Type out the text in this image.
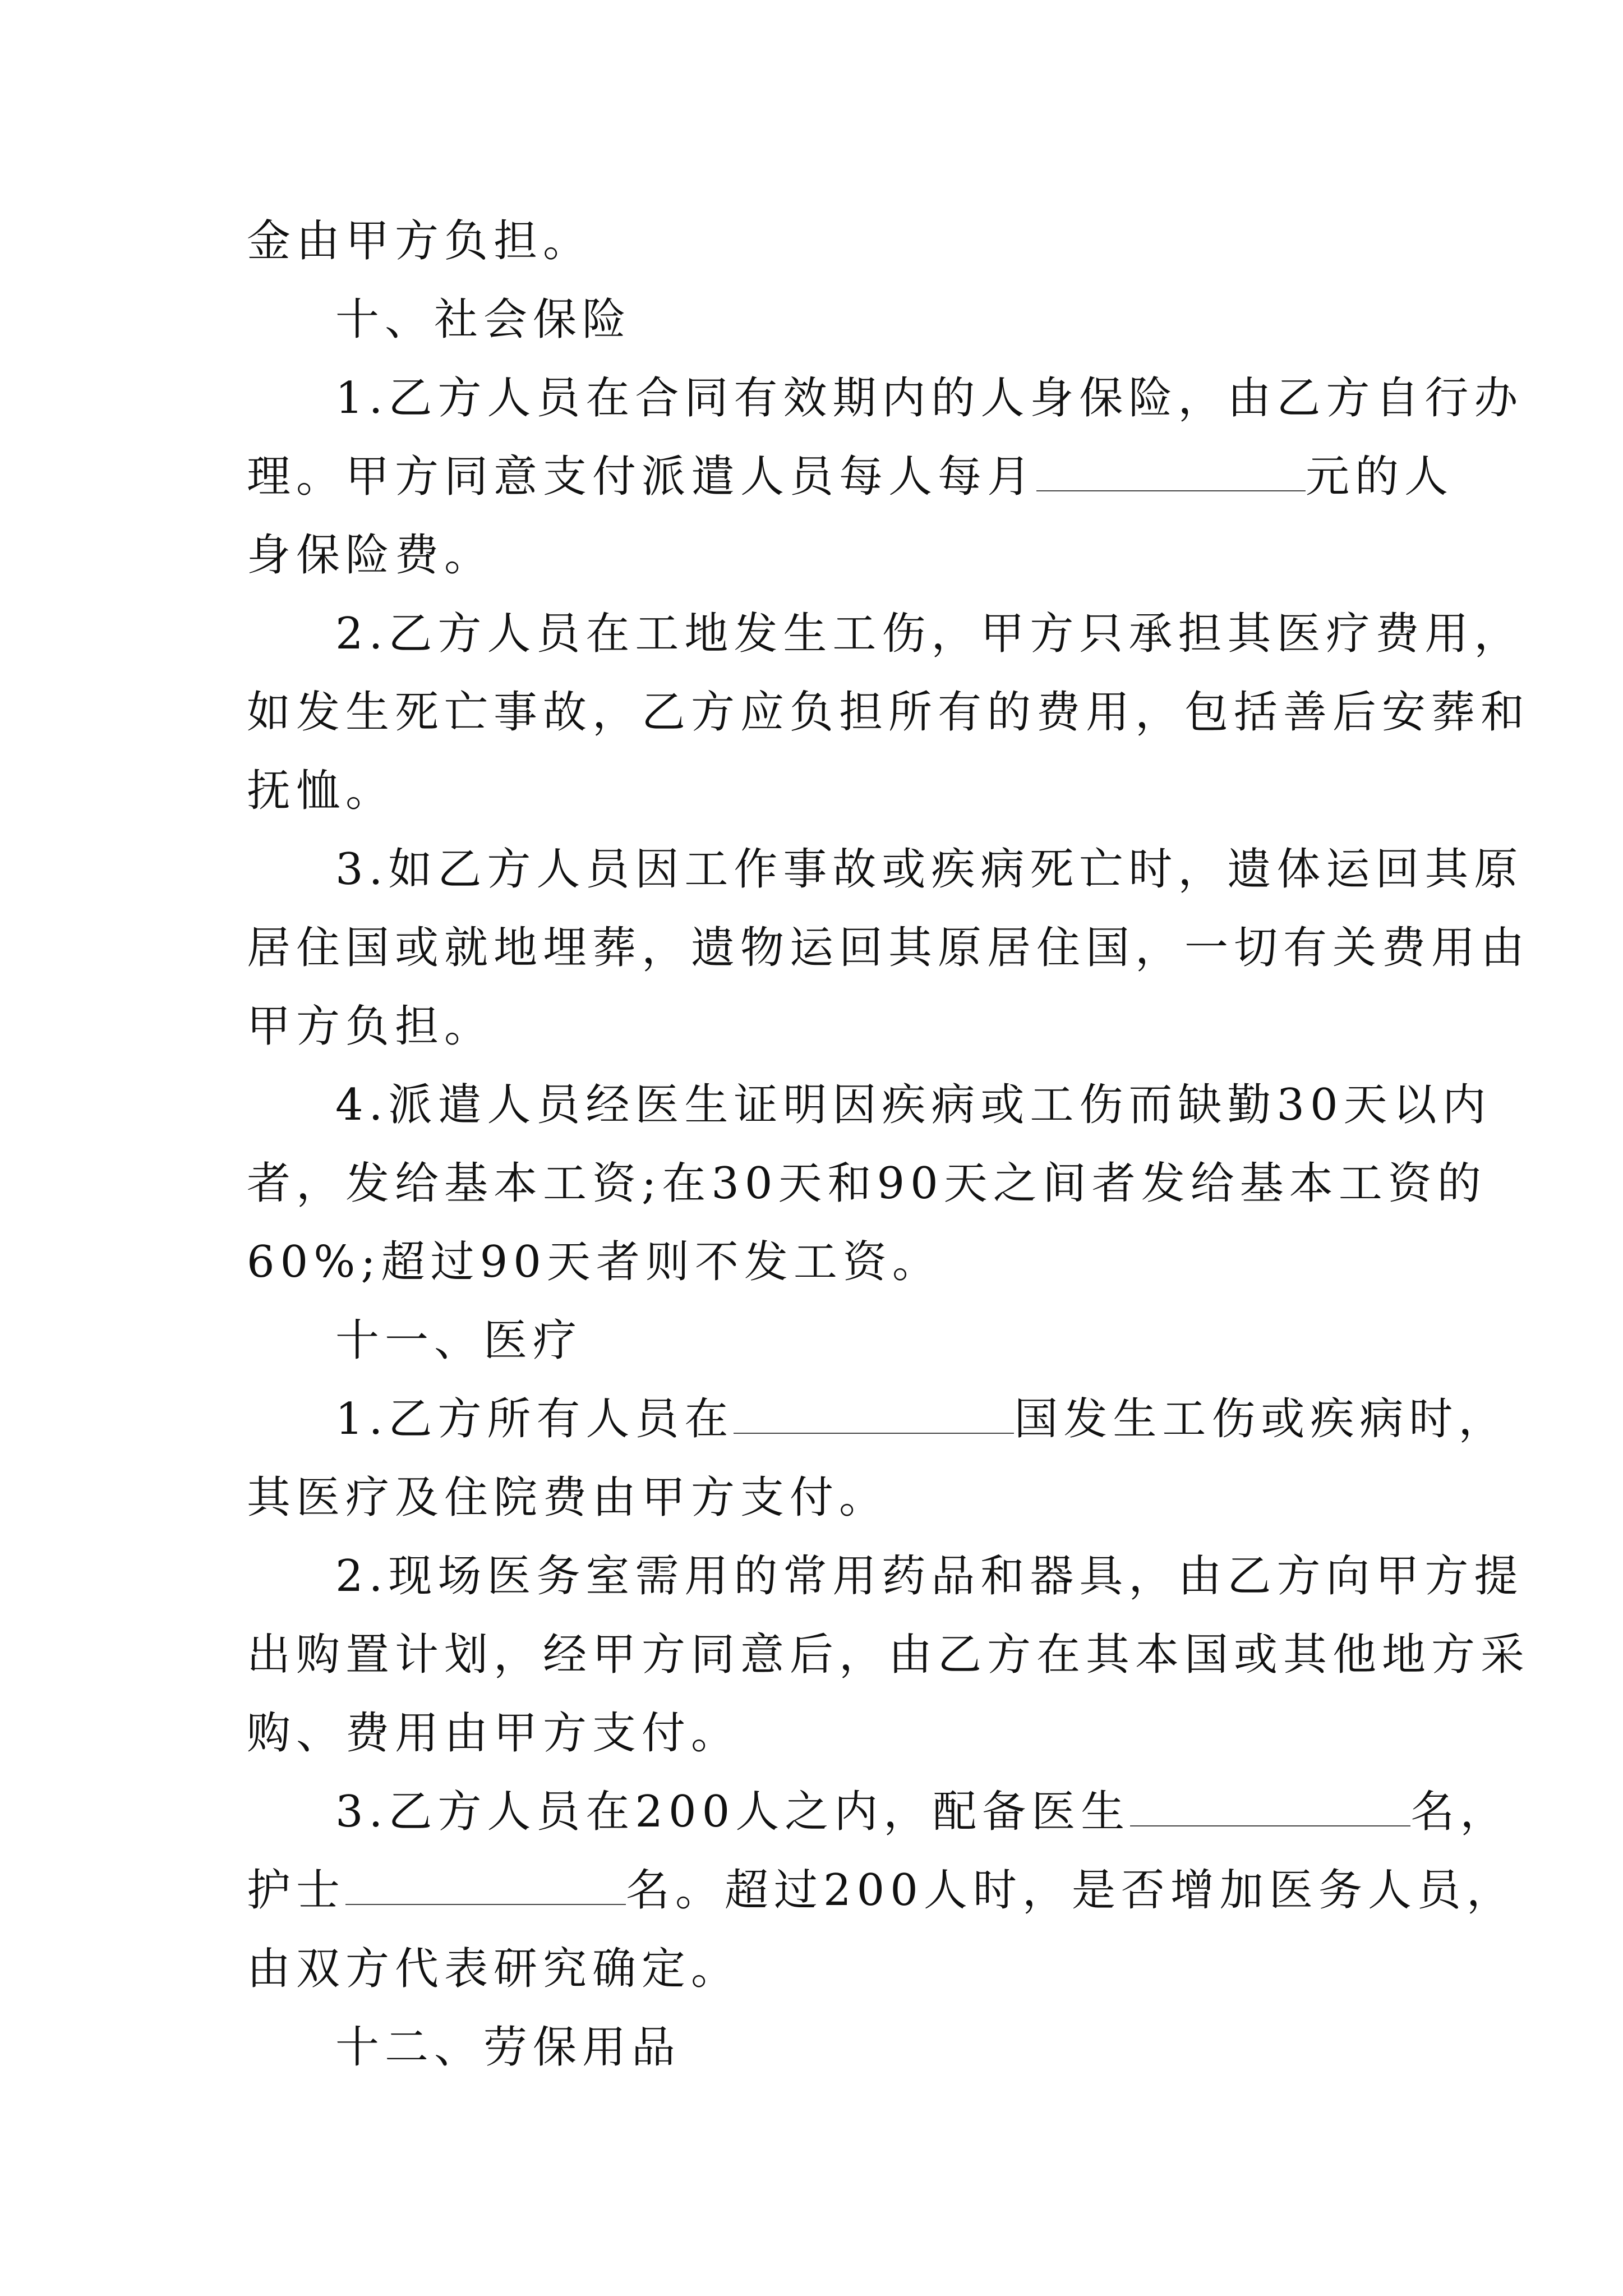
金由甲方负担。
十、社会保险
1.乙方人员在合同有效期内的人身保险，由乙方自行办
理。甲方同意支付派遣人员每人每月	元的人
身保险费。
2.乙方人员在工地发生工伤，甲方只承担其医疗费用，
如发生死亡事故，乙方应负担所有的费用，包括善后安葬和
抚恤。
3.如乙方人员因工作事故或疾病死亡时，遗体运回其原
居住国或就地埋葬，遗物运回其原居住国，一切有关费用由
甲方负担。
4.派遣人员经医生证明因疾病或工伤而缺勤30天以内
者，发给基本工资;在30天和90天之间者发给基本工资的
60%;超过90天者则不发工资。
十一、医疗
1.乙方所有人员在	国发生工伤或疾病时，
其医疗及住院费由甲方支付。
2.现场医务室需用的常用药品和器具，由乙方向甲方提
出购置计划，经甲方同意后，由乙方在其本国或其他地方采
购、费用由甲方支付。
3.乙方人员在200人之内，配备医生	名，
护士	名。超过200人时，是否增加医务人员，
由双方代表研究确定。
十二、劳保用品
